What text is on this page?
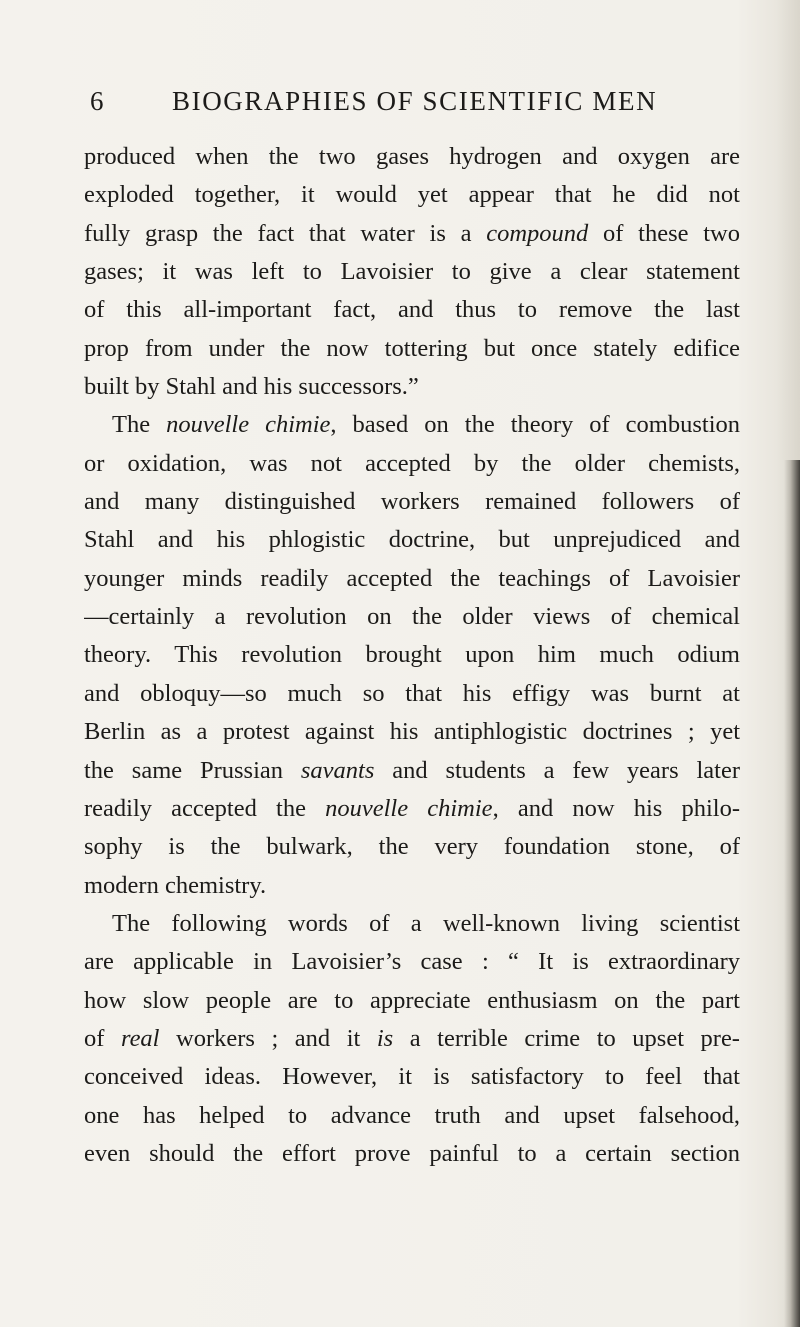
6	BIOGRAPHIES OF SCIENTIFIC MEN
produced when the two gases hydrogen and oxygen are
exploded together, it would yet appear that he did not
fully grasp the fact that water is a compound of these two
gases; it was left to Lavoisier to give a clear statement
of this all-important fact, and thus to remove the last
prop from under the now tottering but once stately edifice
built by Stahl and his successors.”
The nouvelle chimie, based on the theory of combustion
or oxidation, was not accepted by the older chemists,
and many distinguished workers remained followers of
Stahl and his phlogistic doctrine, but unprejudiced and
younger minds readily accepted the teachings of Lavoisier
—certainly a revolution on the older views of chemical
theory. This revolution brought upon him much odium
and obloquy—so much so that his effigy was burnt at
Berlin as a protest against his antiphlogistic doctrines ; yet
the same Prussian savants and students a few years later
readily accepted the nouvelle chimie, and now his philo-
sophy is the bulwark, the very foundation stone, of
modern chemistry.
The following words of a well-known living scientist
are applicable in Lavoisier’s case : “ It is extraordinary
how slow people are to appreciate enthusiasm on the part
of real workers ; and it is a terrible crime to upset pre-
conceived ideas. However, it is satisfactory to feel that
one has helped to advance truth and upset falsehood,
even should the effort prove painful to a certain section
